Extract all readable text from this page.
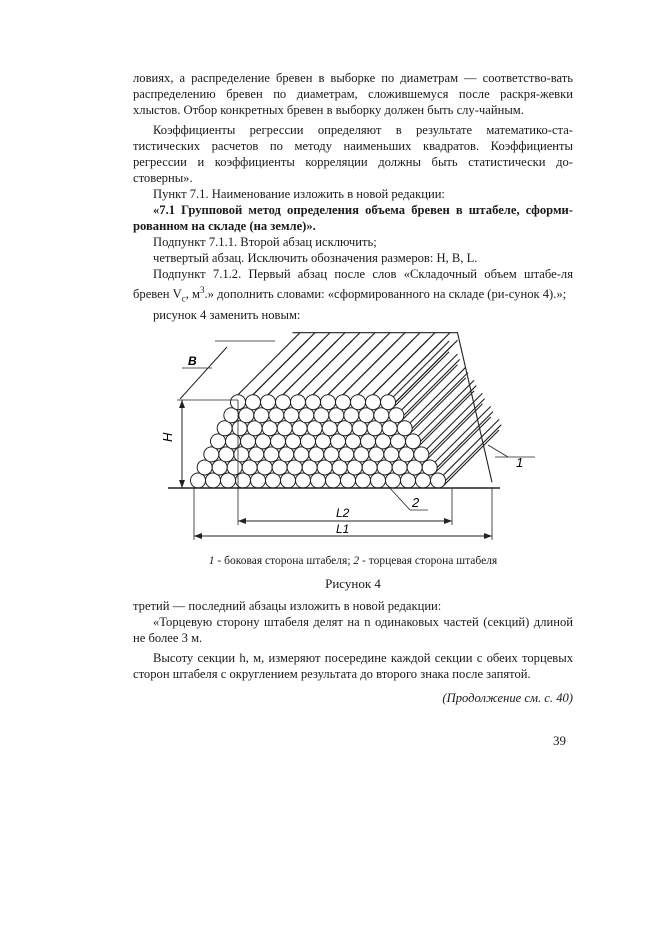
ловиях, а распределение бревен в выборке по диаметрам — соответство-вать распределению бревен по диаметрам, сложившемуся после раскря-жевки хлыстов. Отбор конкретных бревен в выборку должен быть слу-чайным.

Коэффициенты регрессии определяют в результате математико-ста-тистических расчетов по методу наименьших квадратов. Коэффициенты регрессии и коэффициенты корреляции должны быть статистически до-стоверны».

Пункт 7.1. Наименование изложить в новой редакции:

«7.1 Групповой метод определения объема бревен в штабеле, сформи-рованном на складе (на земле)».

Подпункт 7.1.1. Второй абзац исключить;

четвертый абзац. Исключить обозначения размеров: H, B, L.

Подпункт 7.1.2. Первый абзац после слов «Складочный объем штабе-ля бревен $V_с$, $м^3$.» дополнить словами: «сформированного на складе (ри-сунок 4).»;

рисунок 4 заменить новым:

H
B
L1
L2
1
2
1 - боковая сторона штабеля; 2 - торцевая сторона штабеля
Рисунок 4

третий — последний абзацы изложить в новой редакции:

«Торцевую сторону штабеля делят на n одинаковых частей (секций) длиной не более 3 м.

Высоту секции h, м, измеряют посередине каждой секции с обеих торцевых сторон штабеля с округлением результата до второго знака после запятой.

(Продолжение см. с. 40)

39
